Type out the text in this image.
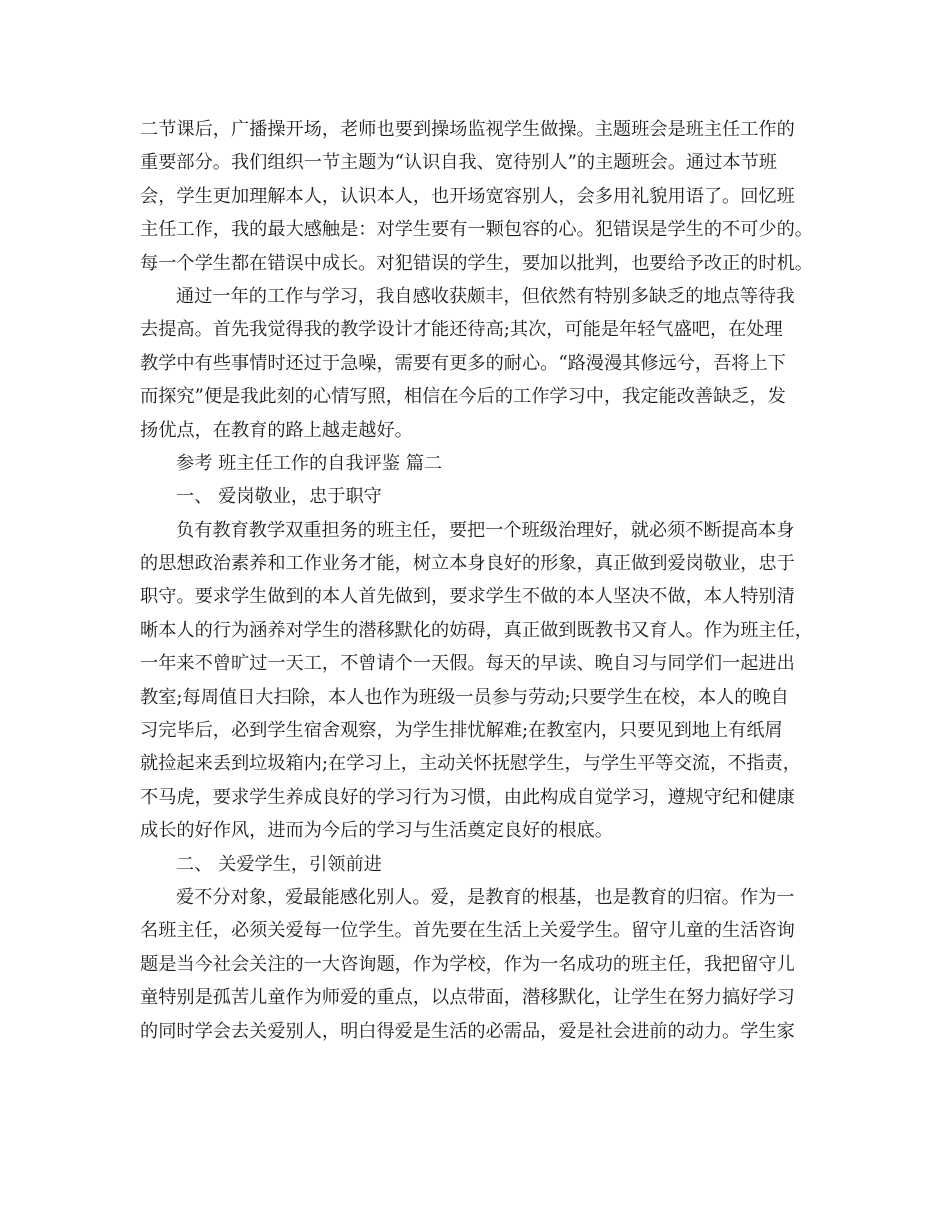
二节课后，广播操开场，老师也要到操场监视学生做操。主题班会是班主任工作的
重要部分。我们组织一节主题为“认识自我、宽待别人”的主题班会。通过本节班
会，学生更加理解本人，认识本人，也开场宽容别人，会多用礼貌用语了。回忆班
主任工作，我的最大感触是：对学生要有一颗包容的心。犯错误是学生的不可少的。
每一个学生都在错误中成长。对犯错误的学生，要加以批判，也要给予改正的时机。
通过一年的工作与学习，我自感收获颇丰，但依然有特别多缺乏的地点等待我
去提高。首先我觉得我的教学设计才能还待高;其次，可能是年轻气盛吧，在处理
教学中有些事情时还过于急噪，需要有更多的耐心。“路漫漫其修远兮，吾将上下
而探究”便是我此刻的心情写照，相信在今后的工作学习中，我定能改善缺乏，发
扬优点，在教育的路上越走越好。
参考 班主任工作的自我评鉴 篇二
一、 爱岗敬业，忠于职守
负有教育教学双重担务的班主任，要把一个班级治理好，就必须不断提高本身
的思想政治素养和工作业务才能，树立本身良好的形象，真正做到爱岗敬业，忠于
职守。要求学生做到的本人首先做到，要求学生不做的本人坚决不做，本人特别清
晰本人的行为涵养对学生的潜移默化的妨碍，真正做到既教书又育人。作为班主任，
一年来不曾旷过一天工，不曾请个一天假。每天的早读、晚自习与同学们一起进出
教室;每周值日大扫除，本人也作为班级一员参与劳动;只要学生在校，本人的晚自
习完毕后，必到学生宿舍观察，为学生排忧解难;在教室内，只要见到地上有纸屑
就捡起来丢到垃圾箱内;在学习上，主动关怀抚慰学生，与学生平等交流，不指责，
不马虎，要求学生养成良好的学习行为习惯，由此构成自觉学习，遵规守纪和健康
成长的好作风，进而为今后的学习与生活奠定良好的根底。
二、 关爱学生，引领前进
爱不分对象，爱最能感化别人。爱，是教育的根基，也是教育的归宿。作为一
名班主任，必须关爱每一位学生。首先要在生活上关爱学生。留守儿童的生活咨询
题是当今社会关注的一大咨询题，作为学校，作为一名成功的班主任，我把留守儿
童特别是孤苦儿童作为师爱的重点，以点带面，潜移默化，让学生在努力搞好学习
的同时学会去关爱别人，明白得爱是生活的必需品，爱是社会进前的动力。学生家
